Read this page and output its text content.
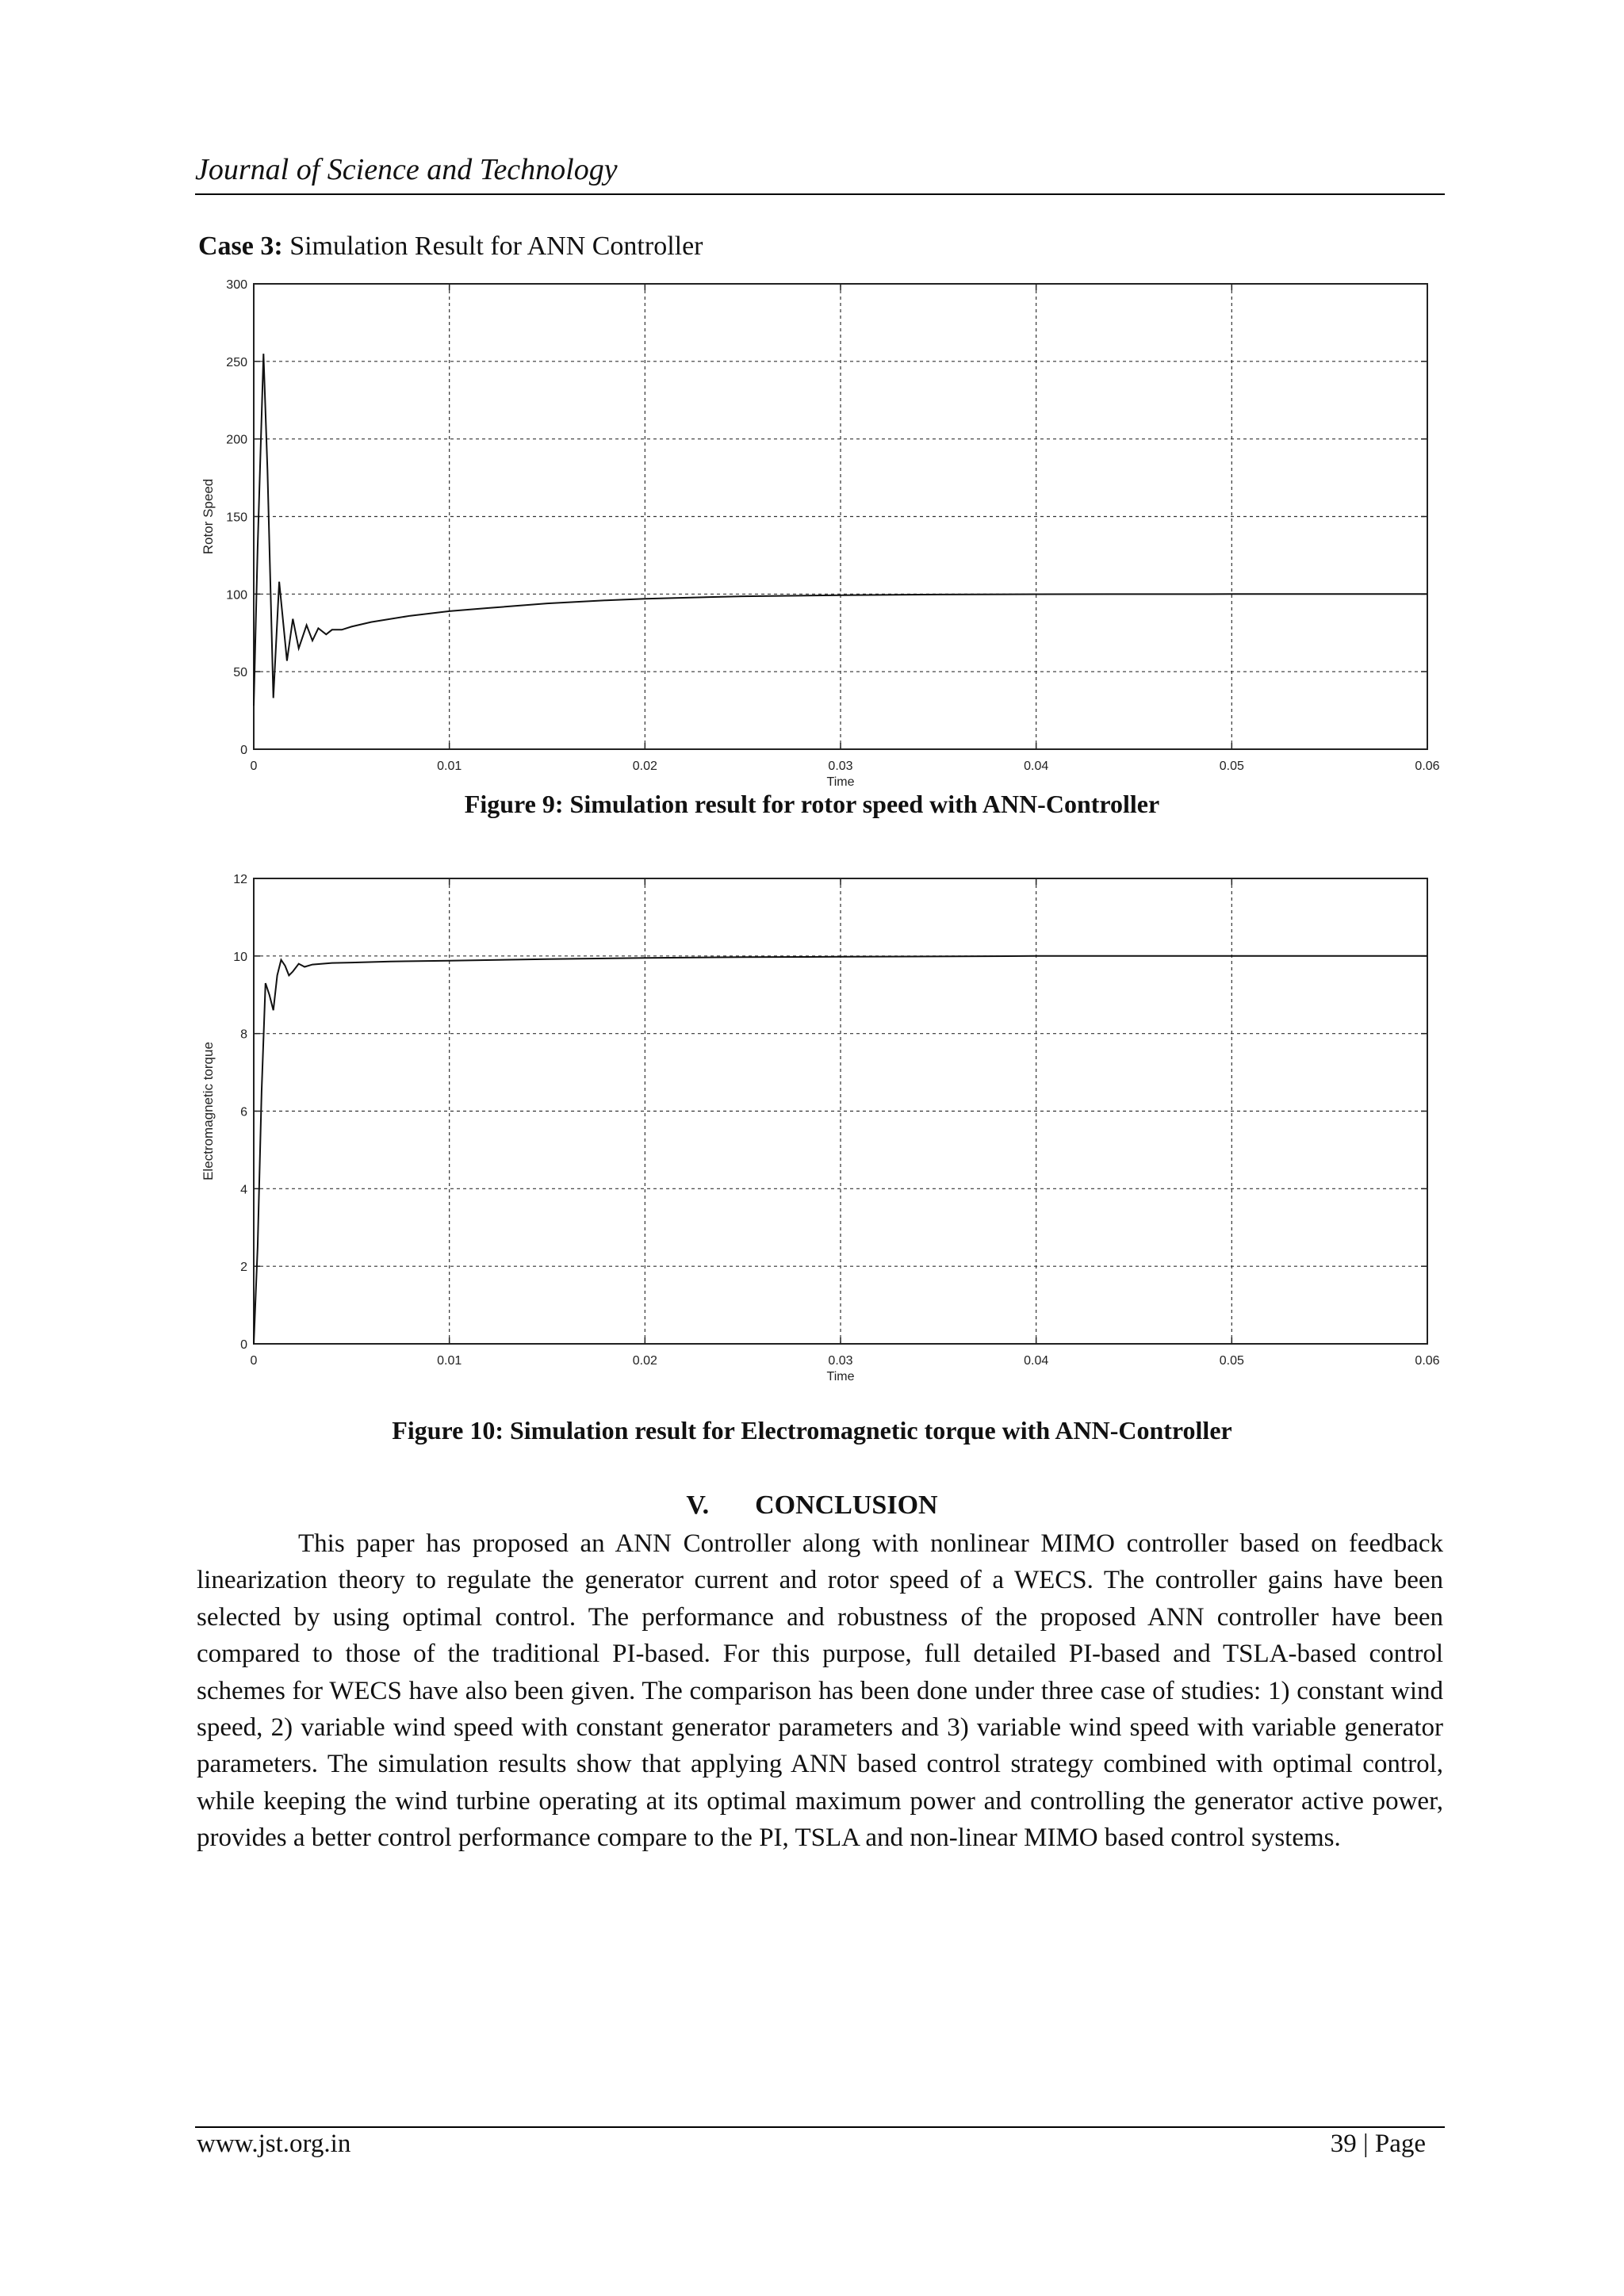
Journal of Science and Technology
Case 3: Simulation Result for ANN Controller
0	0.01	0.02	0.03	0.04	0.05	0.06
0
50
100
150
200
250
300
Time
Rotor Speed
Figure 9: Simulation result for rotor speed with ANN-Controller
0	0.01	0.02	0.03	0.04	0.05	0.06
0
2
4
6
8
10
12
Time
Electromagnetic torque
Figure 10: Simulation result for Electromagnetic torque with ANN-Controller
V. CONCLUSION
This paper has proposed an ANN Controller along with nonlinear MIMO controller based on feedback linearization theory to regulate the generator current and rotor speed of a WECS. The controller gains have been selected by using optimal control. The performance and robustness of the proposed ANN controller have been compared to those of the traditional PI-based. For this purpose, full detailed PI-based and TSLA-based control schemes for WECS have also been given. The comparison has been done under three case of studies: 1) constant wind speed, 2) variable wind speed with constant generator parameters and 3) variable wind speed with variable generator parameters. The simulation results show that applying ANN based control strategy combined with optimal control, while keeping the wind turbine operating at its optimal maximum power and controlling the generator active power, provides a better control performance compare to the PI, TSLA and non-linear MIMO based control systems.
www.jst.org.in	39 | Page
